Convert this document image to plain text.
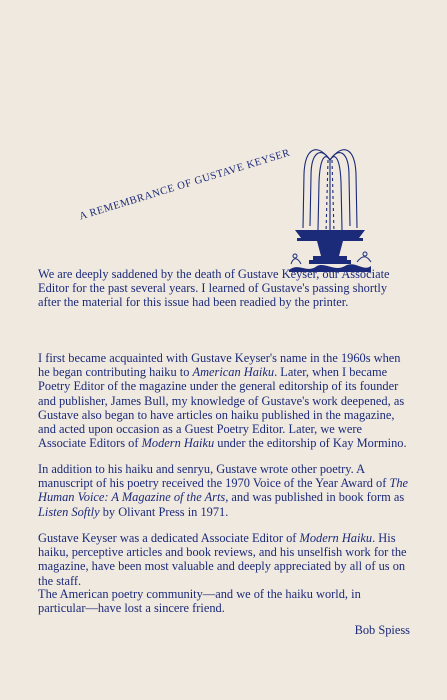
A REMEMBRANCE OF GUSTAVE KEYSER

We are deeply saddened by the death of Gustave Keyser, our Associate Editor for the past several years. I learned of Gustave's passing shortly after the material for this issue had been readied by the printer.

I first became acquainted with Gustave Keyser's name in the 1960s when he began contributing haiku to American Haiku. Later, when I became Poetry Editor of the magazine under the general editorship of its founder and publisher, James Bull, my knowledge of Gustave's work deepened, as Gustave also began to have articles on haiku published in the magazine, and acted upon occasion as a Guest Poetry Editor. Later, we were Associate Editors of Modern Haiku under the editorship of Kay Mormino.

In addition to his haiku and senryu, Gustave wrote other poetry. A manuscript of his poetry received the 1970 Voice of the Year Award of The Human Voice: A Magazine of the Arts, and was published in book form as Listen Softly by Olivant Press in 1971.

Gustave Keyser was a dedicated Associate Editor of Modern Haiku. His haiku, perceptive articles and book reviews, and his unselfish work for the magazine, have been most valuable and deeply appreciated by all of us on the staff.

The American poetry community—and we of the haiku world, in particular—have lost a sincere friend.

Bob Spiess
